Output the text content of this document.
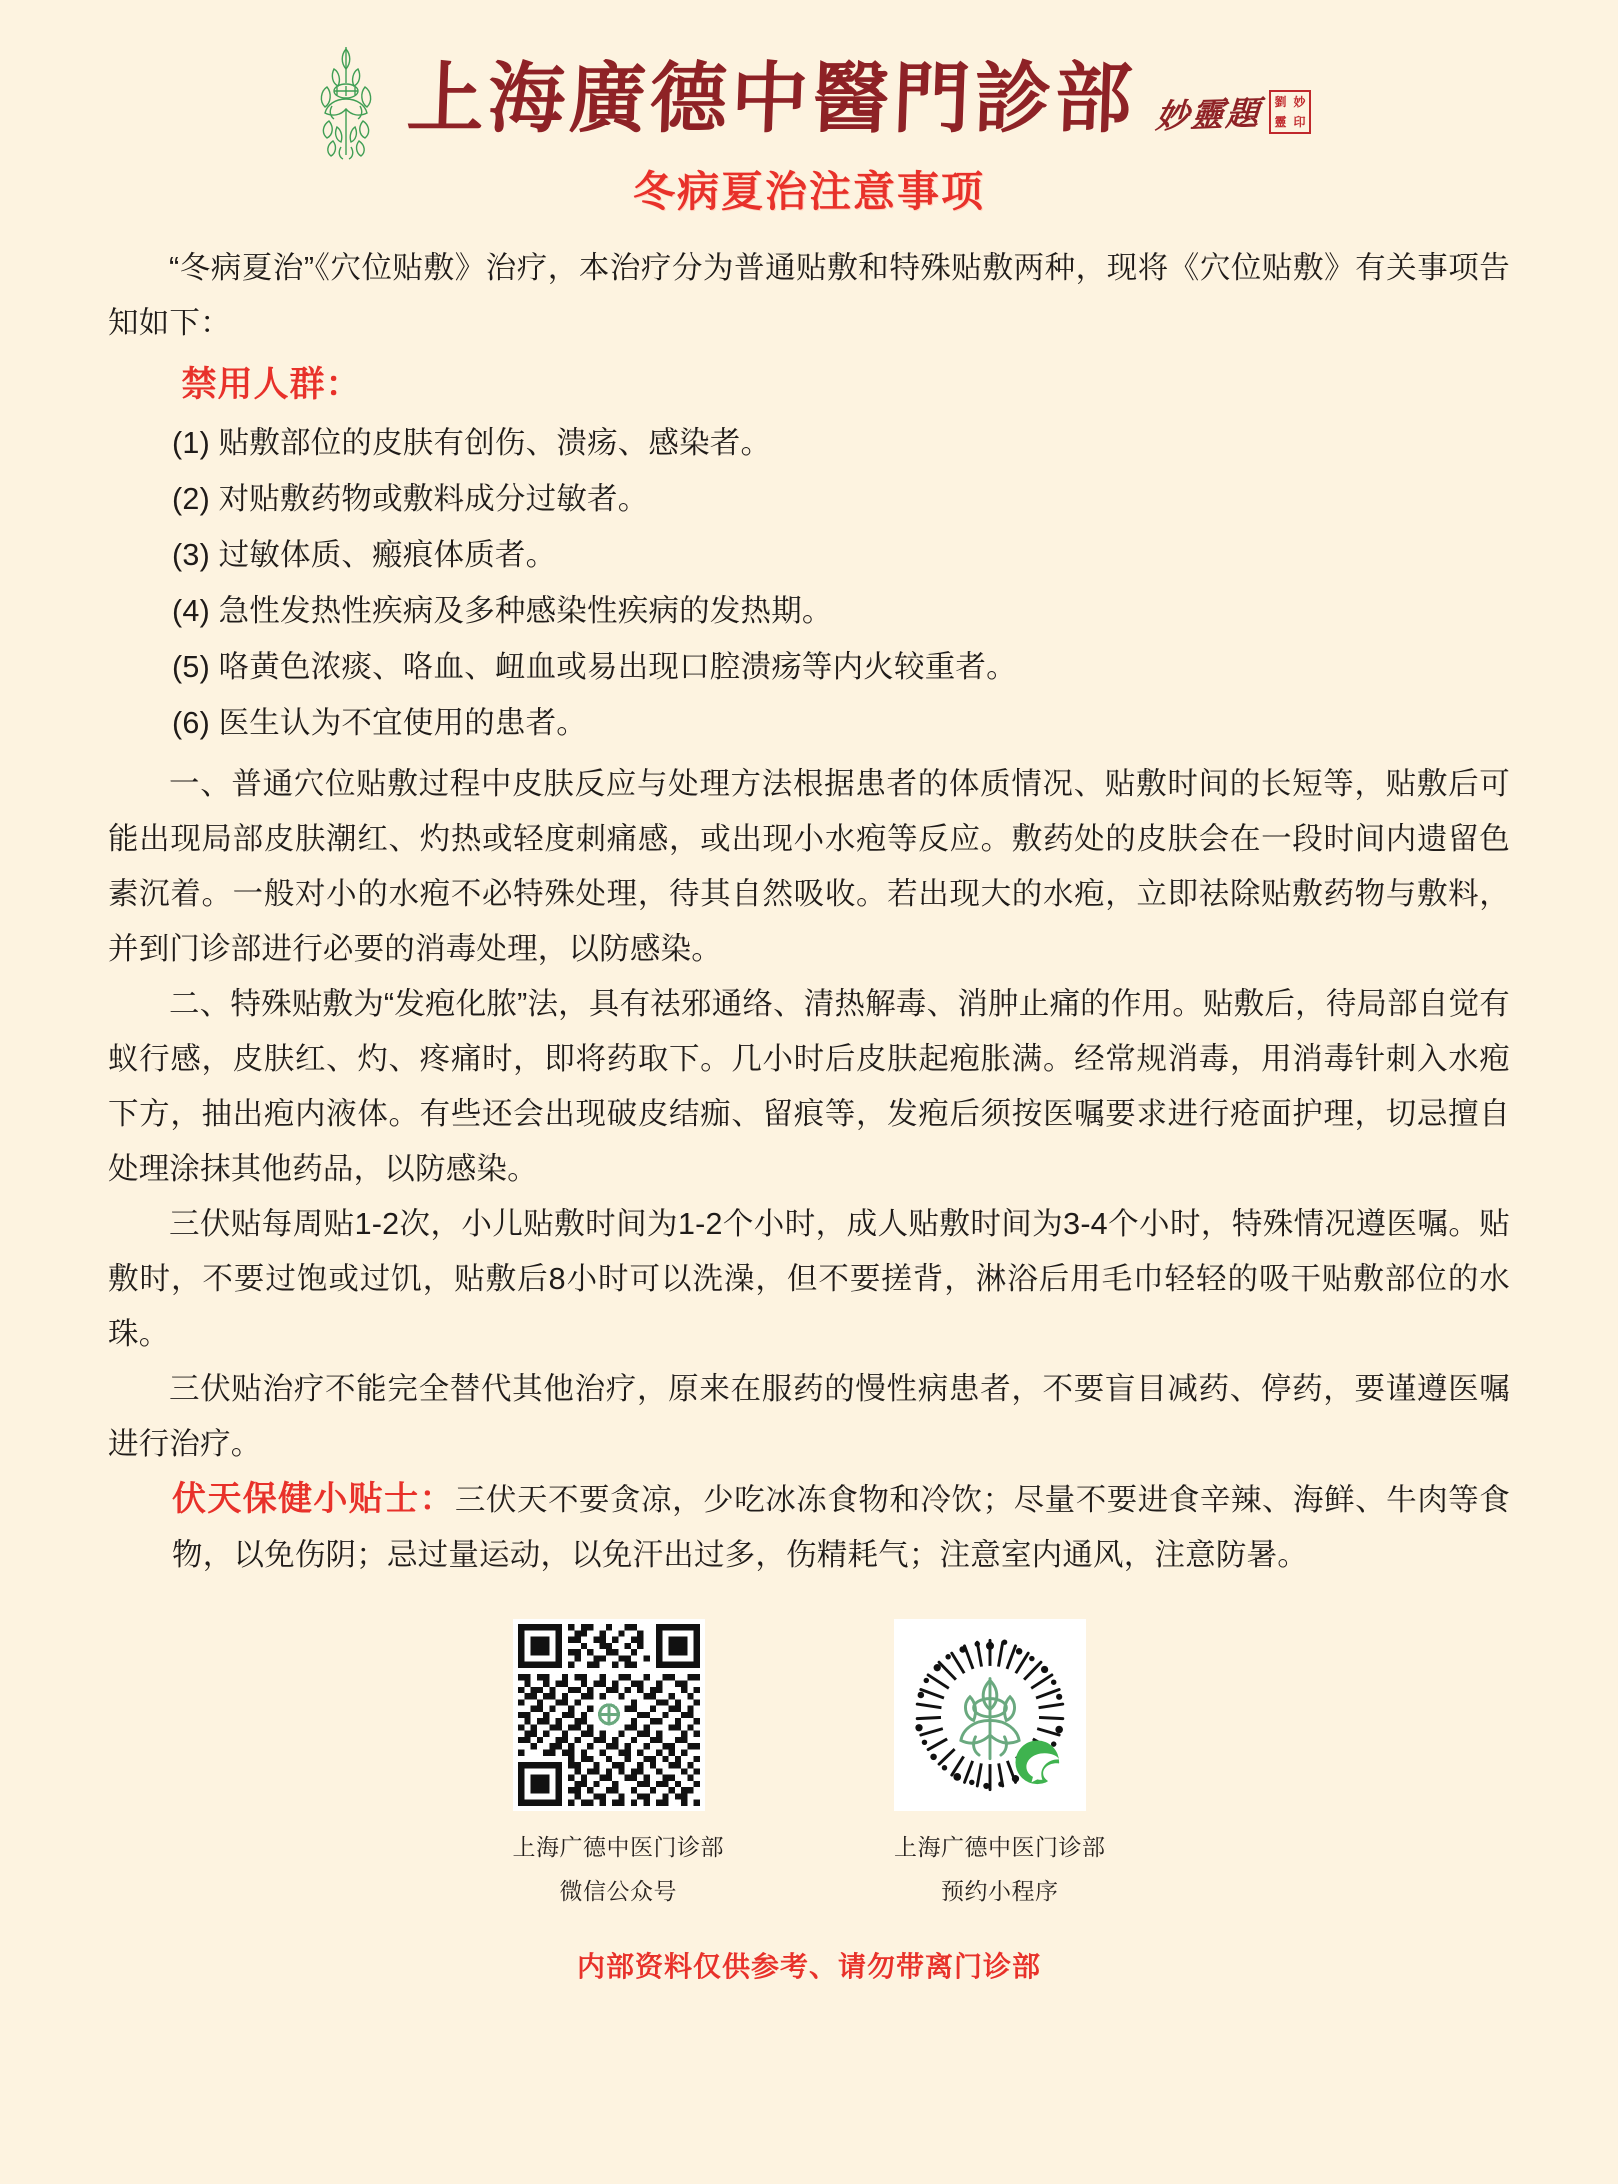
上海廣德中醫門診部 妙靈題 劉 妙
靈 印
冬病夏治注意事项

“冬病夏治”《穴位贴敷》治疗，本治疗分为普通贴敷和特殊贴敷两种，现将《穴位贴敷》有关事项告知如下：

禁用人群：
(1) 贴敷部位的皮肤有创伤、溃疡、感染者。
(2) 对贴敷药物或敷料成分过敏者。
(3) 过敏体质、瘢痕体质者。
(4) 急性发热性疾病及多种感染性疾病的发热期。
(5) 咯黄色浓痰、咯血、衄血或易出现口腔溃疡等内火较重者。
(6) 医生认为不宜使用的患者。

一、普通穴位贴敷过程中皮肤反应与处理方法根据患者的体质情况、贴敷时间的长短等，贴敷后可能出现局部皮肤潮红、灼热或轻度刺痛感，或出现小水疱等反应。敷药处的皮肤会在一段时间内遗留色素沉着。一般对小的水疱不必特殊处理，待其自然吸收。若出现大的水疱，立即祛除贴敷药物与敷料，并到门诊部进行必要的消毒处理，以防感染。

二、特殊贴敷为“发疱化脓”法，具有祛邪通络、清热解毒、消肿止痛的作用。贴敷后，待局部自觉有蚁行感，皮肤红、灼、疼痛时，即将药取下。几小时后皮肤起疱胀满。经常规消毒，用消毒针刺入水疱下方，抽出疱内液体。有些还会出现破皮结痂、留痕等，发疱后须按医嘱要求进行疮面护理，切忌擅自处理涂抹其他药品，以防感染。

三伏贴每周贴1-2次，小儿贴敷时间为1-2个小时，成人贴敷时间为3-4个小时，特殊情况遵医嘱。贴敷时，不要过饱或过饥，贴敷后8小时可以洗澡，但不要搓背，淋浴后用毛巾轻轻的吸干贴敷部位的水珠。

三伏贴治疗不能完全替代其他治疗，原来在服药的慢性病患者，不要盲目减药、停药，要谨遵医嘱进行治疗。

伏天保健小贴士：三伏天不要贪凉，少吃冰冻食物和冷饮；尽量不要进食辛辣、海鲜、牛肉等食物，以免伤阴；忌过量运动，以免汗出过多，伤精耗气；注意室内通风，注意防暑。

上海广德中医门诊部
微信公众号
上海广德中医门诊部
预约小程序
内部资料仅供参考、请勿带离门诊部
